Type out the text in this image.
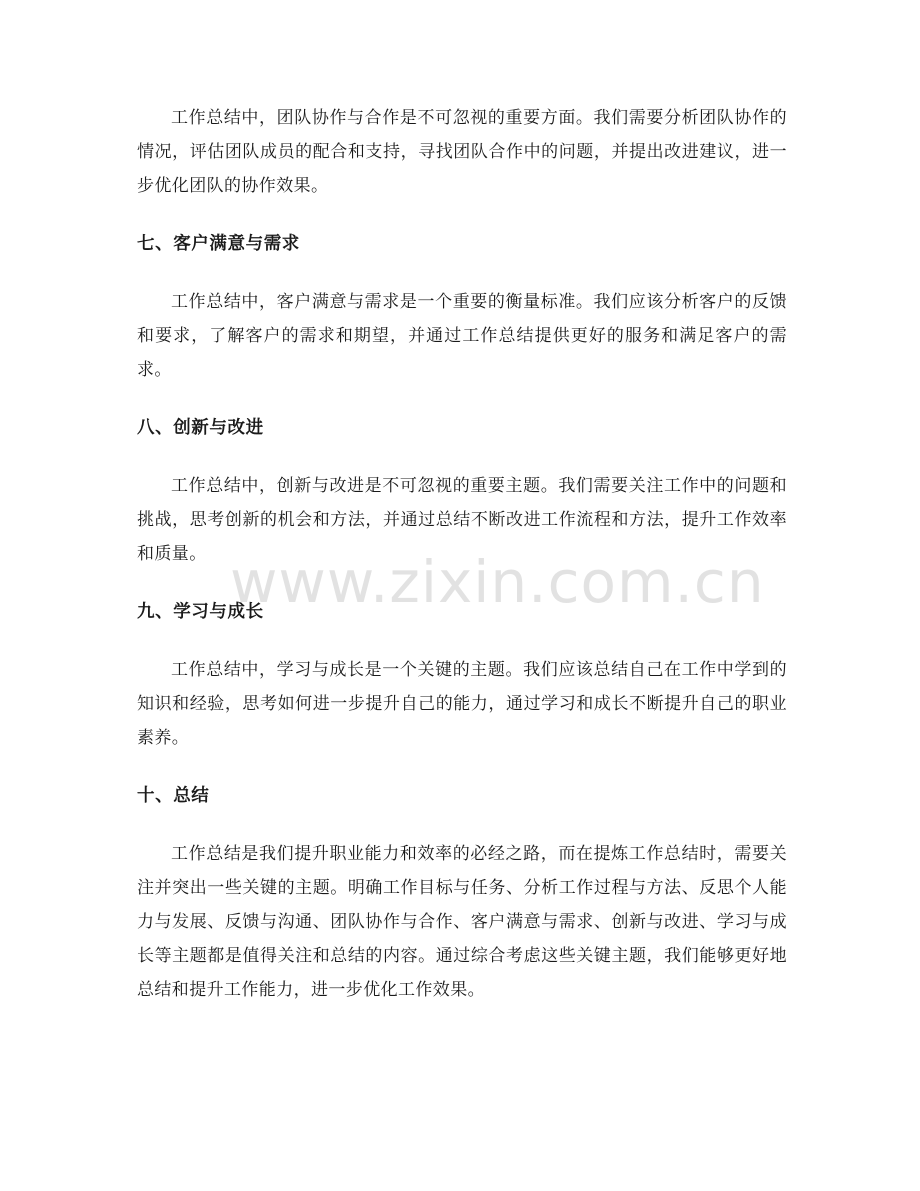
工作总结中，团队协作与合作是不可忽视的重要方面。我们需要分析团队协作的情况，评估团队成员的配合和支持，寻找团队合作中的问题，并提出改进建议，进一步优化团队的协作效果。

七、客户满意与需求

工作总结中，客户满意与需求是一个重要的衡量标准。我们应该分析客户的反馈和要求，了解客户的需求和期望，并通过工作总结提供更好的服务和满足客户的需求。

八、创新与改进

工作总结中，创新与改进是不可忽视的重要主题。我们需要关注工作中的问题和挑战，思考创新的机会和方法，并通过总结不断改进工作流程和方法，提升工作效率和质量。

九、学习与成长

工作总结中，学习与成长是一个关键的主题。我们应该总结自己在工作中学到的知识和经验，思考如何进一步提升自己的能力，通过学习和成长不断提升自己的职业素养。

十、总结

工作总结是我们提升职业能力和效率的必经之路，而在提炼工作总结时，需要关注并突出一些关键的主题。明确工作目标与任务、分析工作过程与方法、反思个人能力与发展、反馈与沟通、团队协作与合作、客户满意与需求、创新与改进、学习与成长等主题都是值得关注和总结的内容。通过综合考虑这些关键主题，我们能够更好地总结和提升工作能力，进一步优化工作效果。

www.zixin.com.cn
